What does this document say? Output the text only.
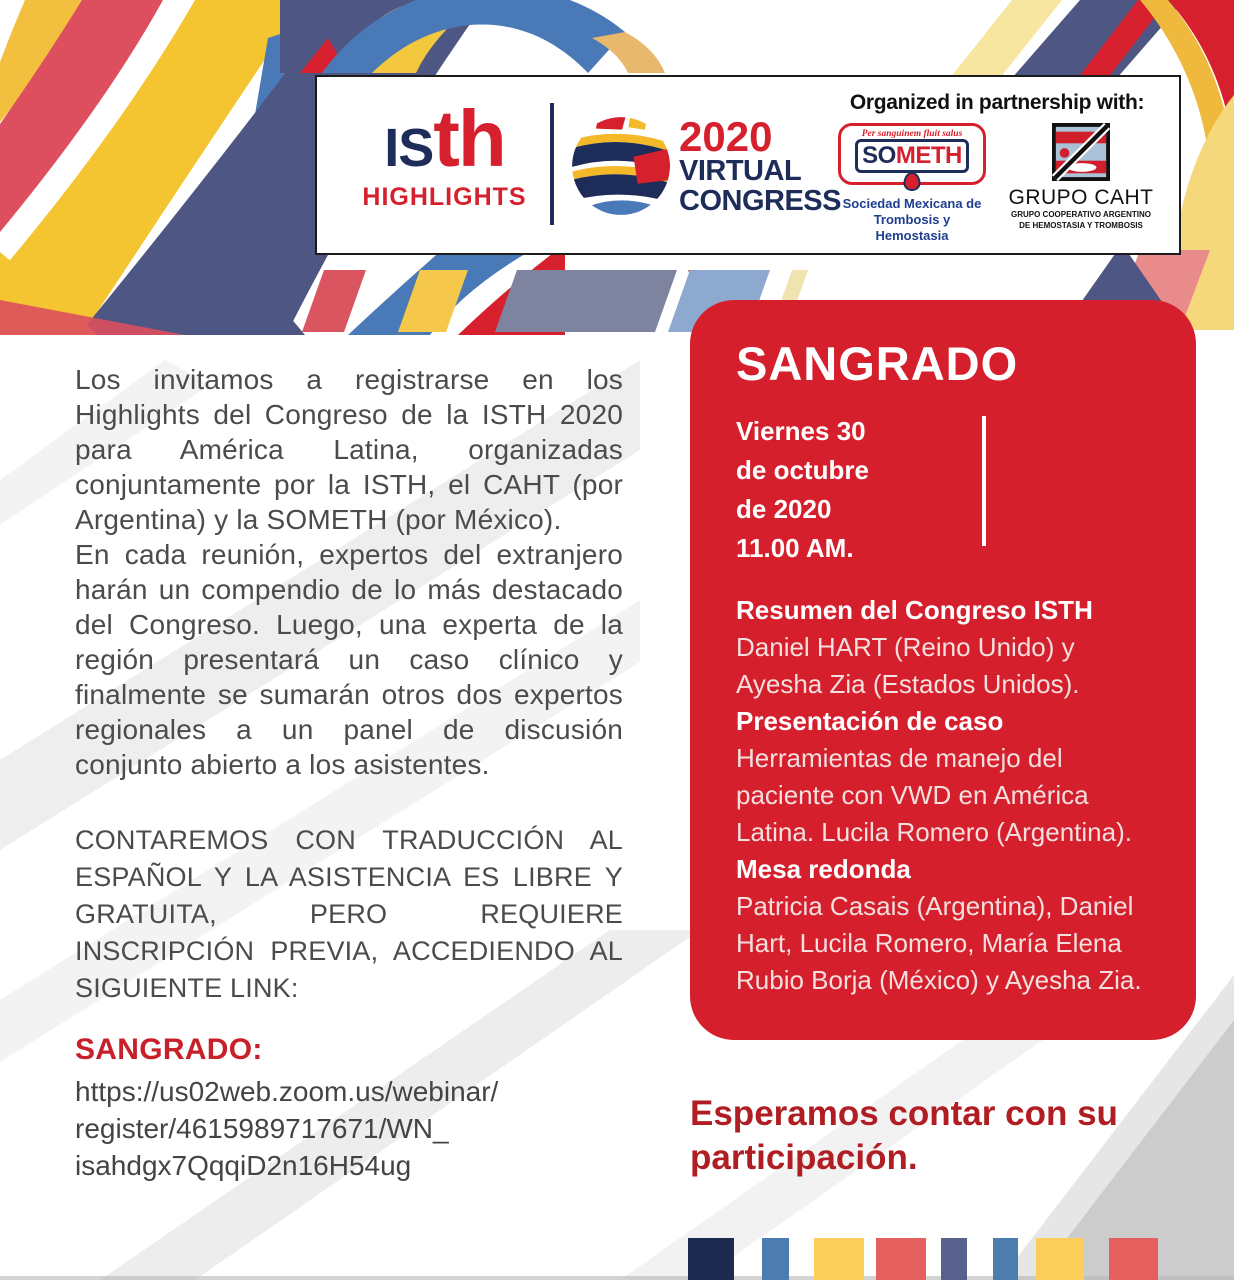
ISth
HIGHLIGHTS
2020
VIRTUAL
CONGRESS
Organized in partnership with:
Per sanguinem fluit salus
SOMETH
Sociedad Mexicana de
Trombosis y Hemostasia
GRUPO CAHT
GRUPO COOPERATIVO ARGENTINO
DE HEMOSTASIA Y TROMBOSIS

Los invitamos a registrarse en los Highlights del Congreso de la ISTH 2020 para América Latina, organizadas conjuntamente por la ISTH, el CAHT (por Argentina) y la SOMETH (por México).

En cada reunión, expertos del extranjero harán un compendio de lo más destacado del Congreso. Luego, una experta de la región presentará un caso clínico y finalmente se sumarán otros dos expertos regionales a un panel de discusión conjunto abierto a los asistentes.

CONTAREMOS CON TRADUCCIÓN AL ESPAÑOL Y LA ASISTENCIA ES LIBRE Y GRATUITA, PERO REQUIERE INSCRIPCIÓN PREVIA, ACCEDIENDO AL SIGUIENTE LINK:

SANGRADO:
https://us02web.zoom.us/webinar/
register/4615989717671/WN_
isahdgx7QqqiD2n16H54ug
SANGRADO
Viernes 30
de octubre
de 2020
11.00 AM.
Resumen del Congreso ISTH
Daniel HART (Reino Unido) y Ayesha Zia (Estados Unidos).
Presentación de caso
Herramientas de manejo del paciente con VWD en América Latina. Lucila Romero (Argentina).
Mesa redonda
Patricia Casais (Argentina), Daniel Hart, Lucila Romero, María Elena Rubio Borja (México) y Ayesha Zia.
Esperamos contar con su participación.
